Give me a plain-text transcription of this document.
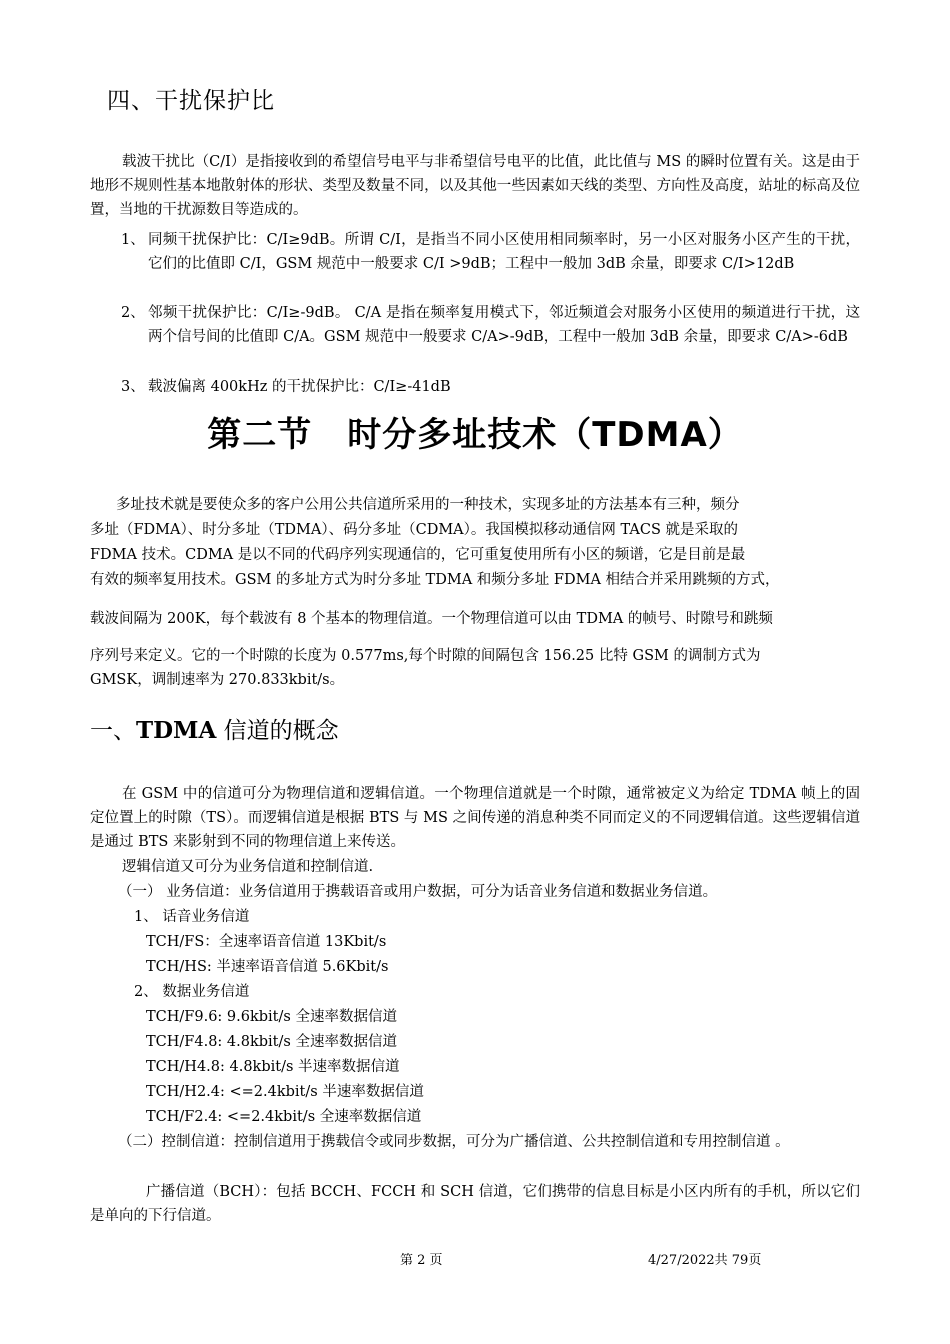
四、干扰保护比

载波干扰比（C/I）是指接收到的希望信号电平与非希望信号电平的比值，此比值与 MS 的瞬时位置有关。这是由于地形不规则性基本地散射体的形状、类型及数量不同，以及其他一些因素如天线的类型、方向性及高度，站址的标高及位置，当地的干扰源数目等造成的。

1、 同频干扰保护比：C/I≥9dB。所谓 C/I，是指当不同小区使用相同频率时，另一小区对服务小区产生的干扰，它们的比值即 C/I，GSM 规范中一般要求 C/I >9dB；工程中一般加 3dB 余量，即要求 C/I>12dB

2、 邻频干扰保护比：C/I≥-9dB。 C/A 是指在频率复用模式下，邻近频道会对服务小区使用的频道进行干扰，这两个信号间的比值即 C/A。GSM 规范中一般要求 C/A>-9dB，工程中一般加 3dB 余量，即要求 C/A>-6dB

3、 载波偏离 400kHz 的干扰保护比：C/I≥-41dB

第二节　时分多址技术（TDMA）

多址技术就是要使众多的客户公用公共信道所采用的一种技术，实现多址的方法基本有三种，频分

多址（FDMA）、时分多址（TDMA）、码分多址（CDMA）。我国模拟移动通信网 TACS 就是采取的

FDMA 技术。CDMA 是以不同的代码序列实现通信的，它可重复使用所有小区的频谱，它是目前是最

有效的频率复用技术。GSM 的多址方式为时分多址 TDMA 和频分多址 FDMA 相结合并采用跳频的方式，

载波间隔为 200K，每个载波有 8 个基本的物理信道。一个物理信道可以由 TDMA 的帧号、时隙号和跳频

序列号来定义。它的一个时隙的长度为 0.577ms,每个时隙的间隔包含 156.25 比特 GSM 的调制方式为

GMSK，调制速率为 270.833kbit/s。

一、TDMA 信道的概念

在 GSM 中的信道可分为物理信道和逻辑信道。一个物理信道就是一个时隙，通常被定义为给定 TDMA 帧上的固定位置上的时隙（TS）。而逻辑信道是根据 BTS 与 MS 之间传递的消息种类不同而定义的不同逻辑信道。这些逻辑信道是通过 BTS 来影射到不同的物理信道上来传送。

逻辑信道又可分为业务信道和控制信道.

（一） 业务信道：业务信道用于携载语音或用户数据，可分为话音业务信道和数据业务信道。

1、 话音业务信道

TCH/FS：全速率语音信道 13Kbit/s

TCH/HS: 半速率语音信道 5.6Kbit/s

2、 数据业务信道

TCH/F9.6: 9.6kbit/s 全速率数据信道

TCH/F4.8: 4.8kbit/s 全速率数据信道

TCH/H4.8: 4.8kbit/s 半速率数据信道

TCH/H2.4: <=2.4kbit/s 半速率数据信道

TCH/F2.4: <=2.4kbit/s 全速率数据信道

（二）控制信道：控制信道用于携载信令或同步数据，可分为广播信道、公共控制信道和专用控制信道 。

广播信道（BCH）：包括 BCCH、FCCH 和 SCH 信道，它们携带的信息目标是小区内所有的手机，所以它们是单向的下行信道。

第 2 页	4/27/2022共 79页
